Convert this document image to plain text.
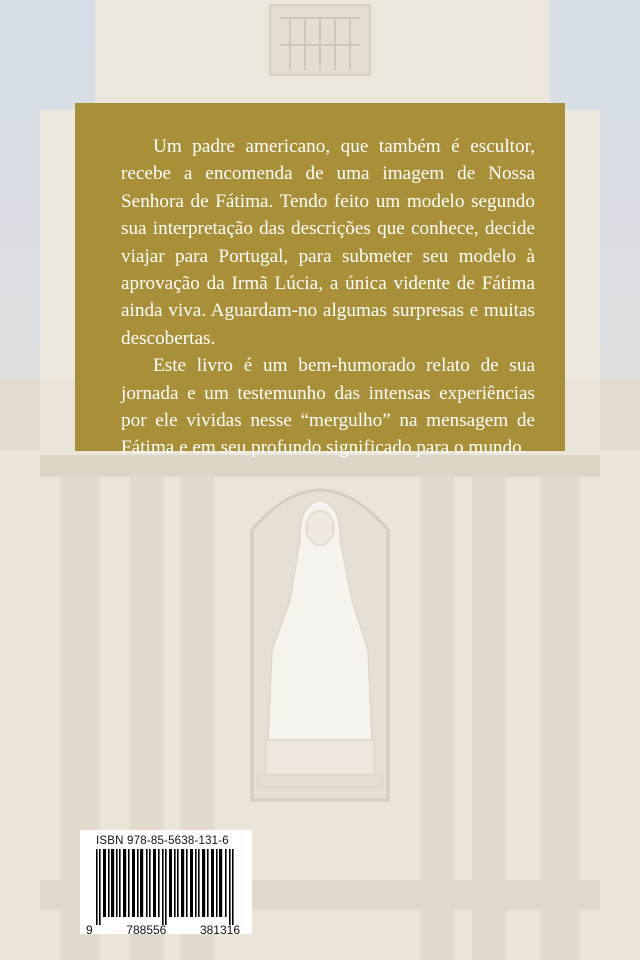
Um padre americano, que também é escultor, recebe a encomenda de uma imagem de Nossa Senhora de Fátima. Tendo feito um modelo segundo sua interpretação das descrições que conhece, decide viajar para Portugal, para submeter seu modelo à aprovação da Irmã Lúcia, a única vidente de Fátima ainda viva. Aguardam-no algumas surpresas e muitas descobertas.

Este livro é um bem-humorado relato de sua jornada e um testemunho das intensas experiências por ele vividas nesse “mergulho” na mensagem de Fátima e em seu profundo significado para o mundo.

ISBN 978-85-5638-131-6
9	788556	381316
